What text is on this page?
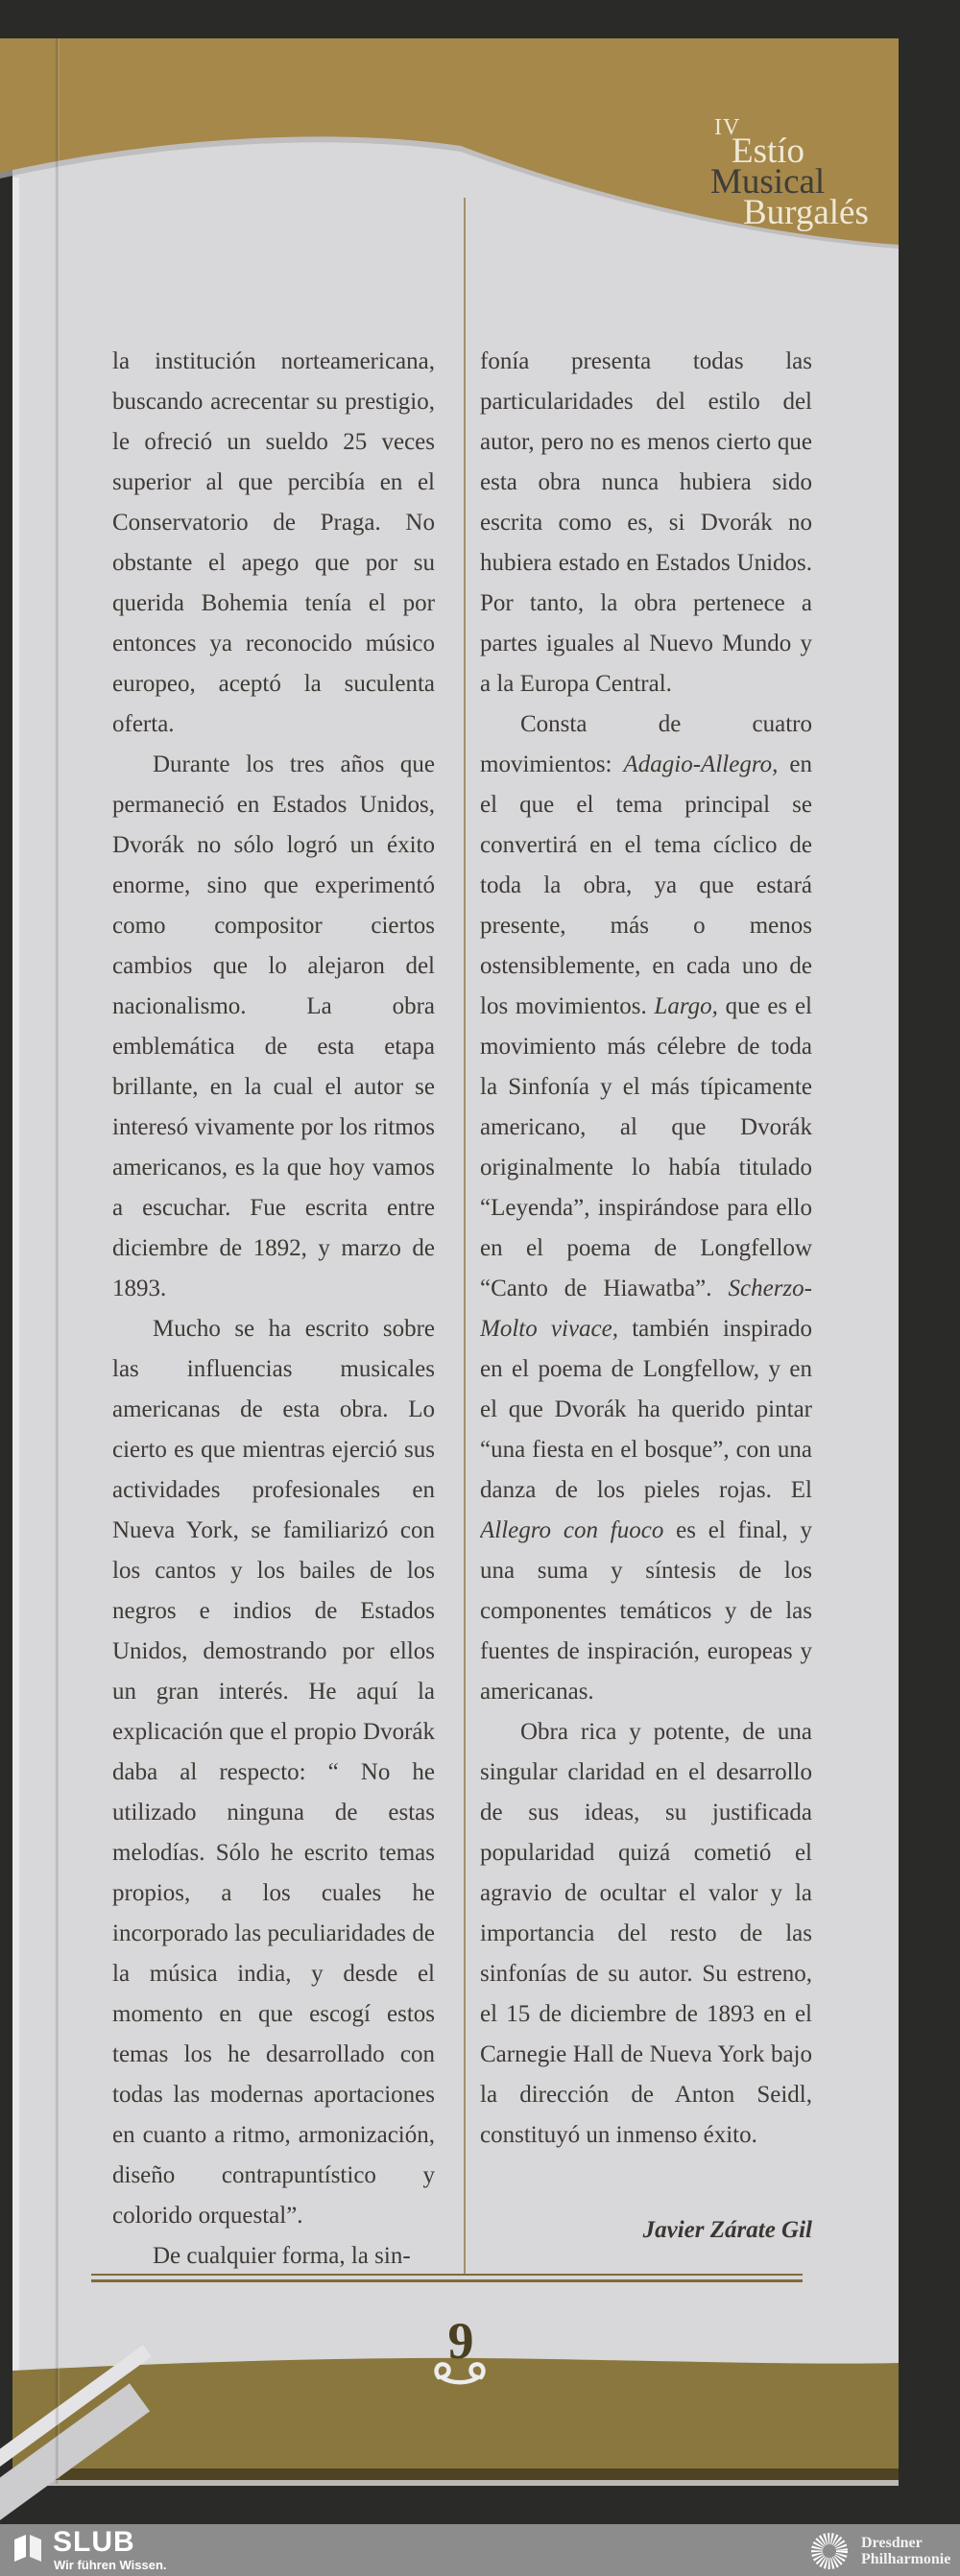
IV
Estío
Musical
Burgalés

la institución norteamericana, buscando acrecentar su prestigio, le ofreció un sueldo 25 veces superior al que percibía en el Conservatorio de Praga. No obstante el apego que por su querida Bohemia tenía el por entonces ya reconocido músico europeo, aceptó la suculenta oferta.

Durante los tres años que permaneció en Estados Unidos, Dvorák no sólo logró un éxito enorme, sino que experimentó como compositor ciertos cambios que lo alejaron del nacionalismo. La obra emblemática de esta etapa brillante, en la cual el autor se interesó vivamente por los ritmos americanos, es la que hoy vamos a escuchar. Fue escrita entre diciembre de 1892, y marzo de 1893.

Mucho se ha escrito sobre las influencias musicales americanas de esta obra. Lo cierto es que mientras ejerció sus actividades profesionales en Nueva York, se familiarizó con los cantos y los bailes de los negros e indios de Estados Unidos, demostrando por ellos un gran interés. He aquí la explicación que el propio Dvorák daba al respecto: “ No he utilizado ninguna de estas melodías. Sólo he escrito temas propios, a los cuales he incorporado las peculiaridades de la música india, y desde el momento en que escogí estos temas los he desarrollado con todas las modernas aportaciones en cuanto a ritmo, armonización, diseño contrapuntístico y colorido orquestal”.

De cualquier forma, la sin-

fonía presenta todas las particularidades del estilo del autor, pero no es menos cierto que esta obra nunca hubiera sido escrita como es, si Dvorák no hubiera estado en Estados Unidos. Por tanto, la obra pertenece a partes iguales al Nuevo Mundo y a la Europa Central.

Consta de cuatro movimientos: Adagio-Allegro, en el que el tema principal se convertirá en el tema cíclico de toda la obra, ya que estará presente, más o menos ostensiblemente, en cada uno de los movimientos. Largo, que es el movimiento más célebre de toda la Sinfonía y el más típicamente americano, al que Dvorák originalmente lo había titulado “Leyenda”, inspirándose para ello en el poema de Longfellow “Canto de Hiawatba”. Scherzo-Molto vivace, también inspirado en el poema de Longfellow, y en el que Dvorák ha querido pintar “una fiesta en el bosque”, con una danza de los pieles rojas. El Allegro con fuoco es el final, y una suma y síntesis de los componentes temáticos y de las fuentes de inspiración, europeas y americanas.

Obra rica y potente, de una singular claridad en el desarrollo de sus ideas, su justificada popularidad quizá cometió el agravio de ocultar el valor y la importancia del resto de las sinfonías de su autor. Su estreno, el 15 de diciembre de 1893 en el Carnegie Hall de Nueva York bajo la dirección de Anton Seidl, constituyó un inmenso éxito.

Javier Zárate Gil
9
SLUB
Wir führen Wissen.
Dresdner
Philharmonie
